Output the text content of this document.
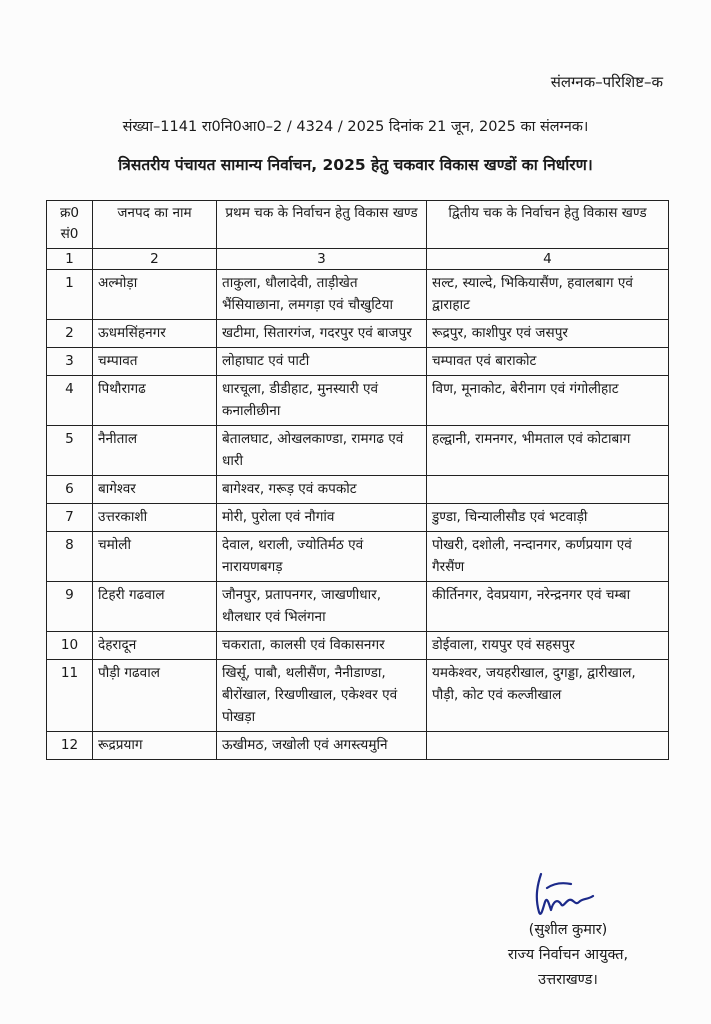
संलग्नक–परिशिष्ट–क
संख्या–1141 रा0नि0आ0–2 / 4324 / 2025 दिनांक 21 जून, 2025 का संलग्नक।
त्रिसतरीय पंचायत सामान्य निर्वाचन, 2025 हेतु चकवार विकास खण्डों का निर्धारण।
क्र0 सं0	जनपद का नाम	प्रथम चक के निर्वाचन हेतु विकास खण्ड	द्वितीय चक के निर्वाचन हेतु विकास खण्ड
1	2	3	4
1	अल्मोड़ा	ताकुला, धौलादेवी, ताड़ीखेत भैंसियाछाना, लमगड़ा एवं चौखुटिया	सल्ट, स्याल्दे, भिकियासैंण, हवालबाग एवं द्वाराहाट
2	ऊधमसिंहनगर	खटीमा, सितारगंज, गदरपुर एवं बाजपुर	रूद्रपुर, काशीपुर एवं जसपुर
3	चम्पावत	लोहाघाट एवं पाटी	चम्पावत एवं बाराकोट
4	पिथौरागढ	धारचूला, डीडीहाट, मुनस्यारी एवं कनालीछीना	विण, मूनाकोट, बेरीनाग एवं गंगोलीहाट
5	नैनीताल	बेतालघाट, ओखलकाण्डा, रामगढ एवं धारी	हल्द्वानी, रामनगर, भीमताल एवं कोटाबाग
6	बागेश्वर	बागेश्वर, गरूड़ एवं कपकोट	
7	उत्तरकाशी	मोरी, पुरोला एवं नौगांव	डुण्डा, चिन्यालीसौड एवं भटवाड़ी
8	चमोली	देवाल, थराली, ज्योतिर्मठ एवं नारायणबगड़	पोखरी, दशोली, नन्दानगर, कर्णप्रयाग एवं गैरसैंण
9	टिहरी गढवाल	जौनपुर, प्रतापनगर, जाखणीधार, थौलधार एवं भिलंगना	कीर्तिनगर, देवप्रयाग, नरेन्द्रनगर एवं चम्बा
10	देहरादून	चकराता, कालसी एवं विकासनगर	डोईवाला, रायपुर एवं सहसपुर
11	पौड़ी गढवाल	खिर्सू, पाबौ, थलीसैंण, नैनीडाण्डा, बीरोंखाल, रिखणीखाल, एकेश्वर एवं पोखड़ा	यमकेश्वर, जयहरीखाल, दुगड्डा, द्वारीखाल, पौड़ी, कोट एवं कल्जीखाल
12	रूद्रप्रयाग	ऊखीमठ, जखोली एवं अगस्त्यमुनि	
(सुशील कुमार)
राज्य निर्वाचन आयुक्त,
उत्तराखण्ड।
